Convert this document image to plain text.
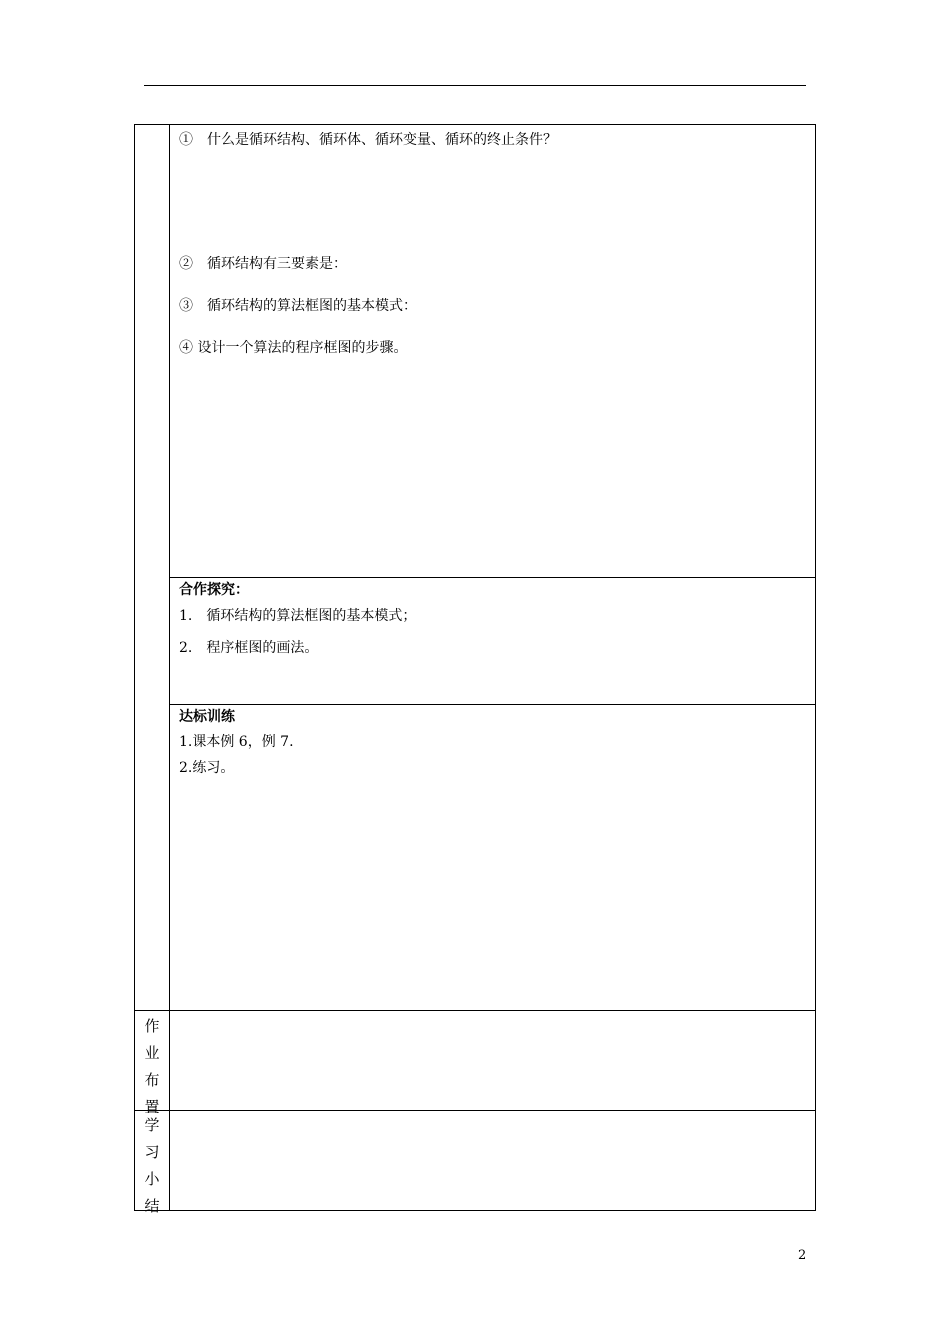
①　什么是循环结构、循环体、循环变量、循环的终止条件？
②　循环结构有三要素是：
③　循环结构的算法框图的基本模式：
④ 设计一个算法的程序框图的步骤。
合作探究：
1.　循环结构的算法框图的基本模式；
2.　程序框图的画法。
达标训练
1.课本例 6，例 7.
2.练习。
作
业
布
置
学
习
小
结
2
